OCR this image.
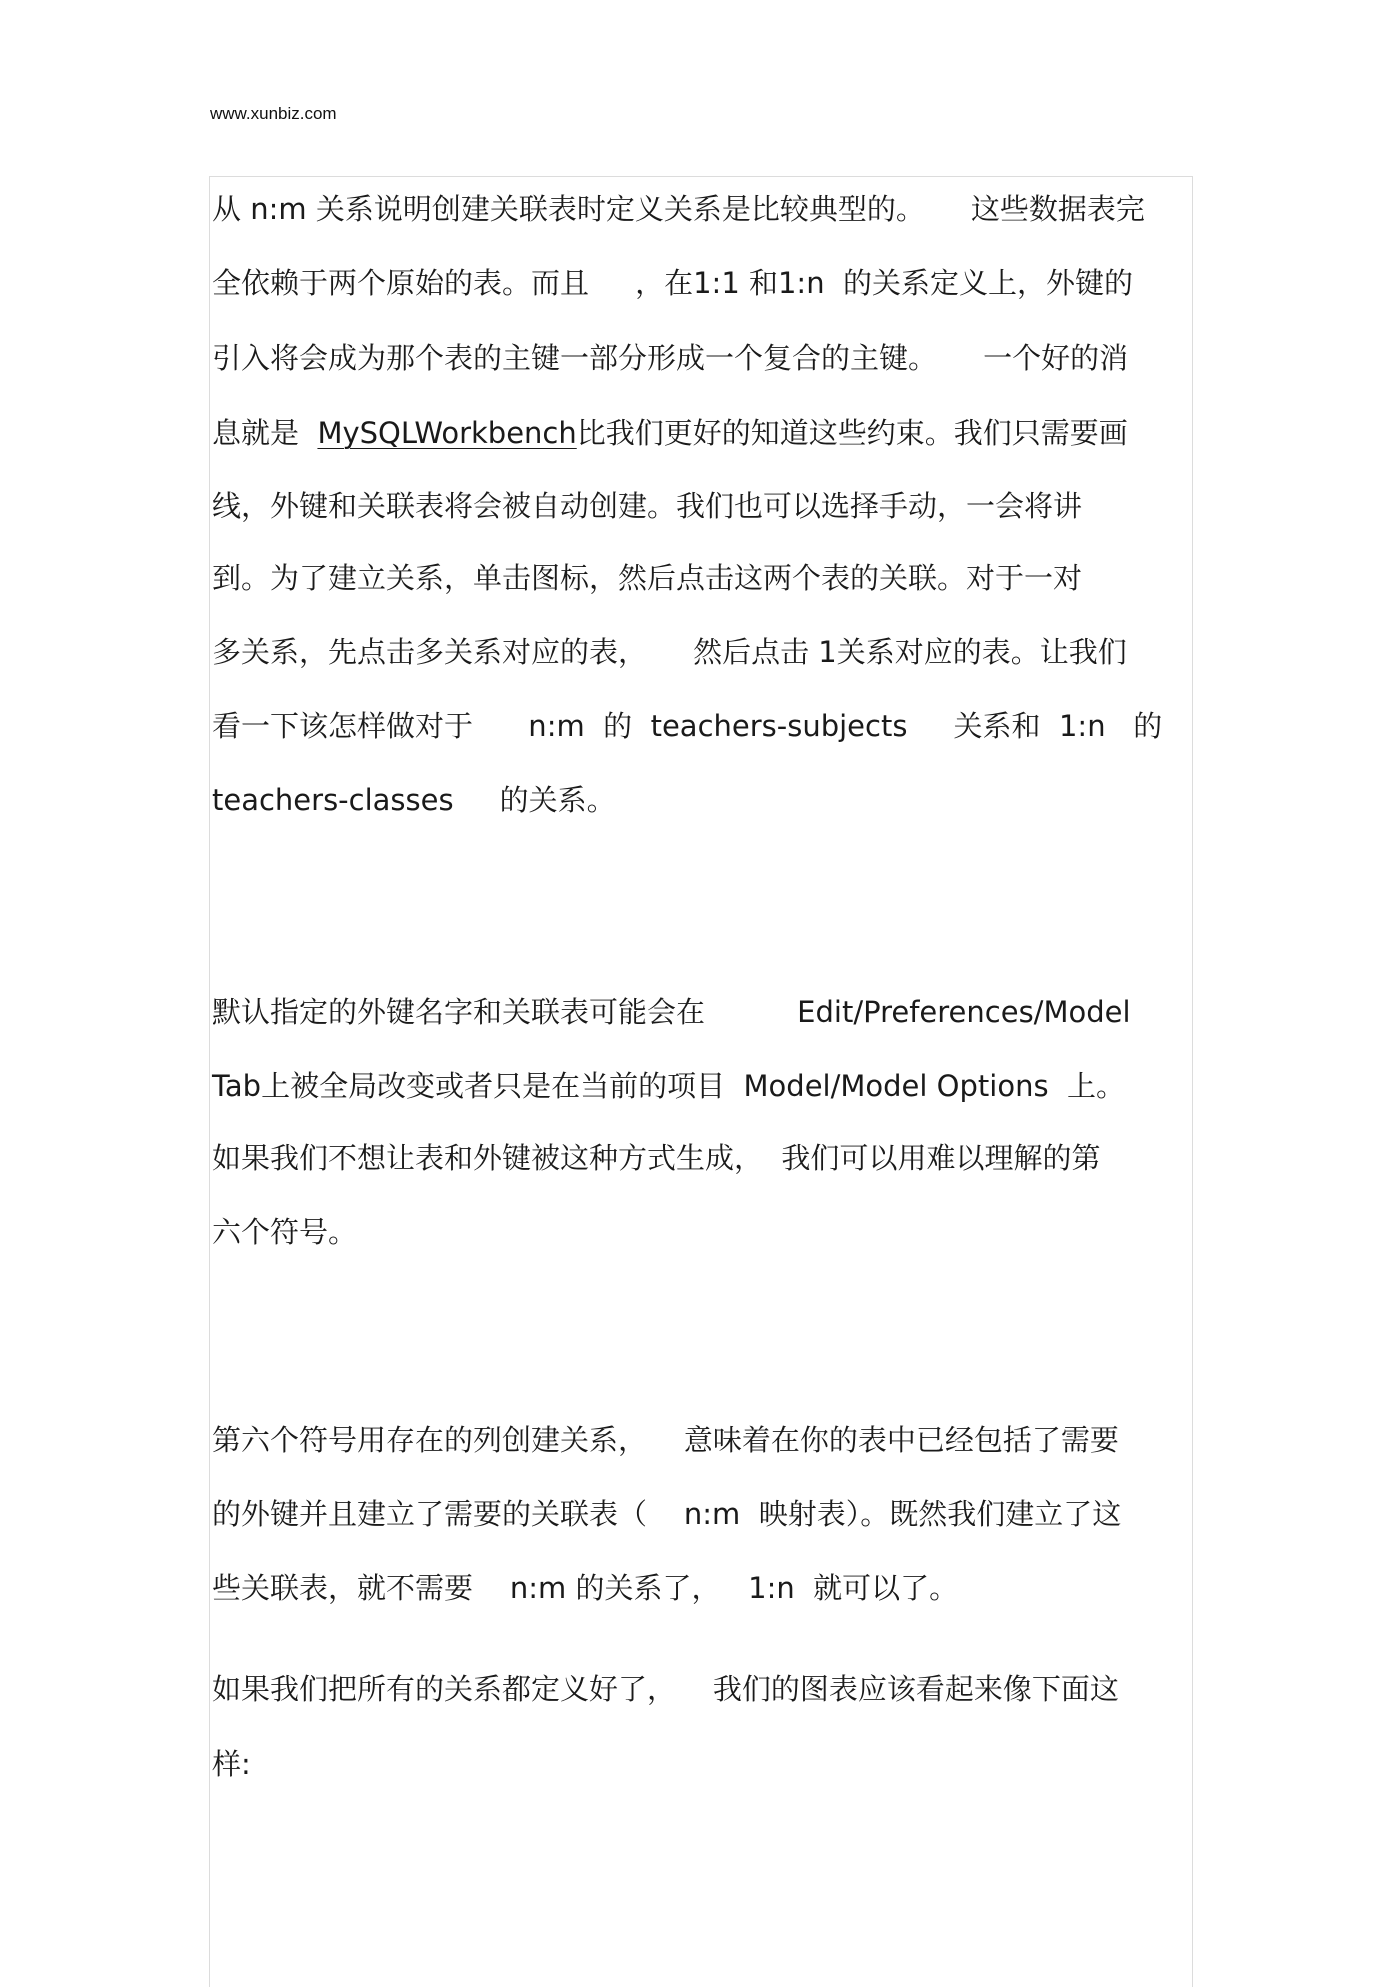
www.xunbiz.com
从 n:m 关系说明创建关联表时定义关系是比较典型的。     这些数据表完
全依赖于两个原始的表。而且     ，在1:1 和1:n  的关系定义上，外键的
引入将会成为那个表的主键一部分形成一个复合的主键。     一个好的消
息就是  MySQLWorkbench比我们更好的知道这些约束。我们只需要画
线，外键和关联表将会被自动创建。我们也可以选择手动，一会将讲
到。为了建立关系，单击图标，然后点击这两个表的关联。对于一对
多关系，先点击多关系对应的表，     然后点击 1关系对应的表。让我们
看一下该怎样做对于      n:m  的  teachers-subjects     关系和  1:n   的
teachers-classes     的关系。
默认指定的外键名字和关联表可能会在          Edit/Preferences/Model
Tab上被全局改变或者只是在当前的项目  Model/Model Options  上。
如果我们不想让表和外键被这种方式生成，  我们可以用难以理解的第
六个符号。
第六个符号用存在的列创建关系，    意味着在你的表中已经包括了需要
的外键并且建立了需要的关联表（    n:m  映射表）。既然我们建立了这
些关联表，就不需要    n:m 的关系了，   1:n  就可以了。
如果我们把所有的关系都定义好了，    我们的图表应该看起来像下面这
样:
